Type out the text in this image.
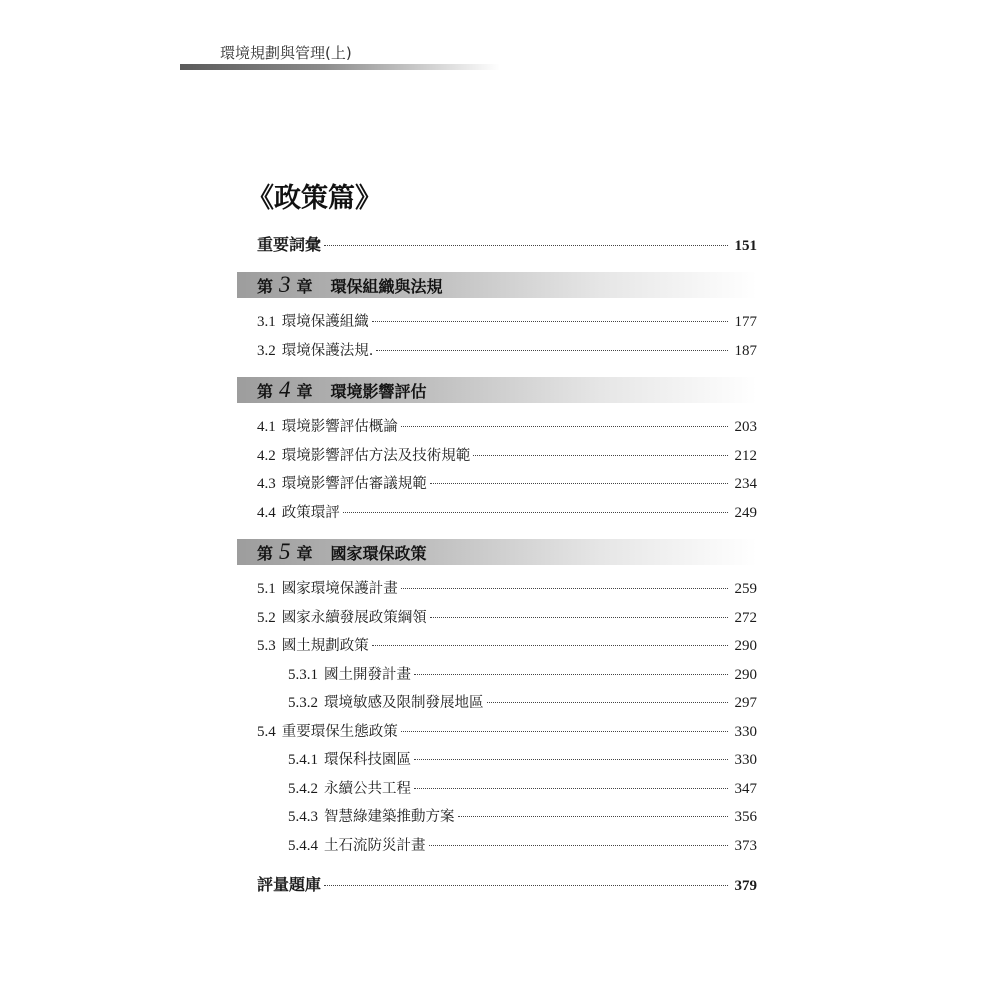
環境規劃與管理(上)
《政策篇》
重要詞彙	151
第 3 章 環保組織與法規
3.1 環境保護組織	177
3.2 環境保護法規.	187
第 4 章 環境影響評估
4.1 環境影響評估概論	203
4.2 環境影響評估方法及技術規範	212
4.3 環境影響評估審議規範	234
4.4 政策環評	249
第 5 章 國家環保政策
5.1 國家環境保護計畫	259
5.2 國家永續發展政策綱領	272
5.3 國土規劃政策	290
5.3.1 國土開發計畫	290
5.3.2 環境敏感及限制發展地區	297
5.4 重要環保生態政策	330
5.4.1 環保科技園區	330
5.4.2 永續公共工程	347
5.4.3 智慧綠建築推動方案	356
5.4.4 土石流防災計畫	373
評量題庫	379
